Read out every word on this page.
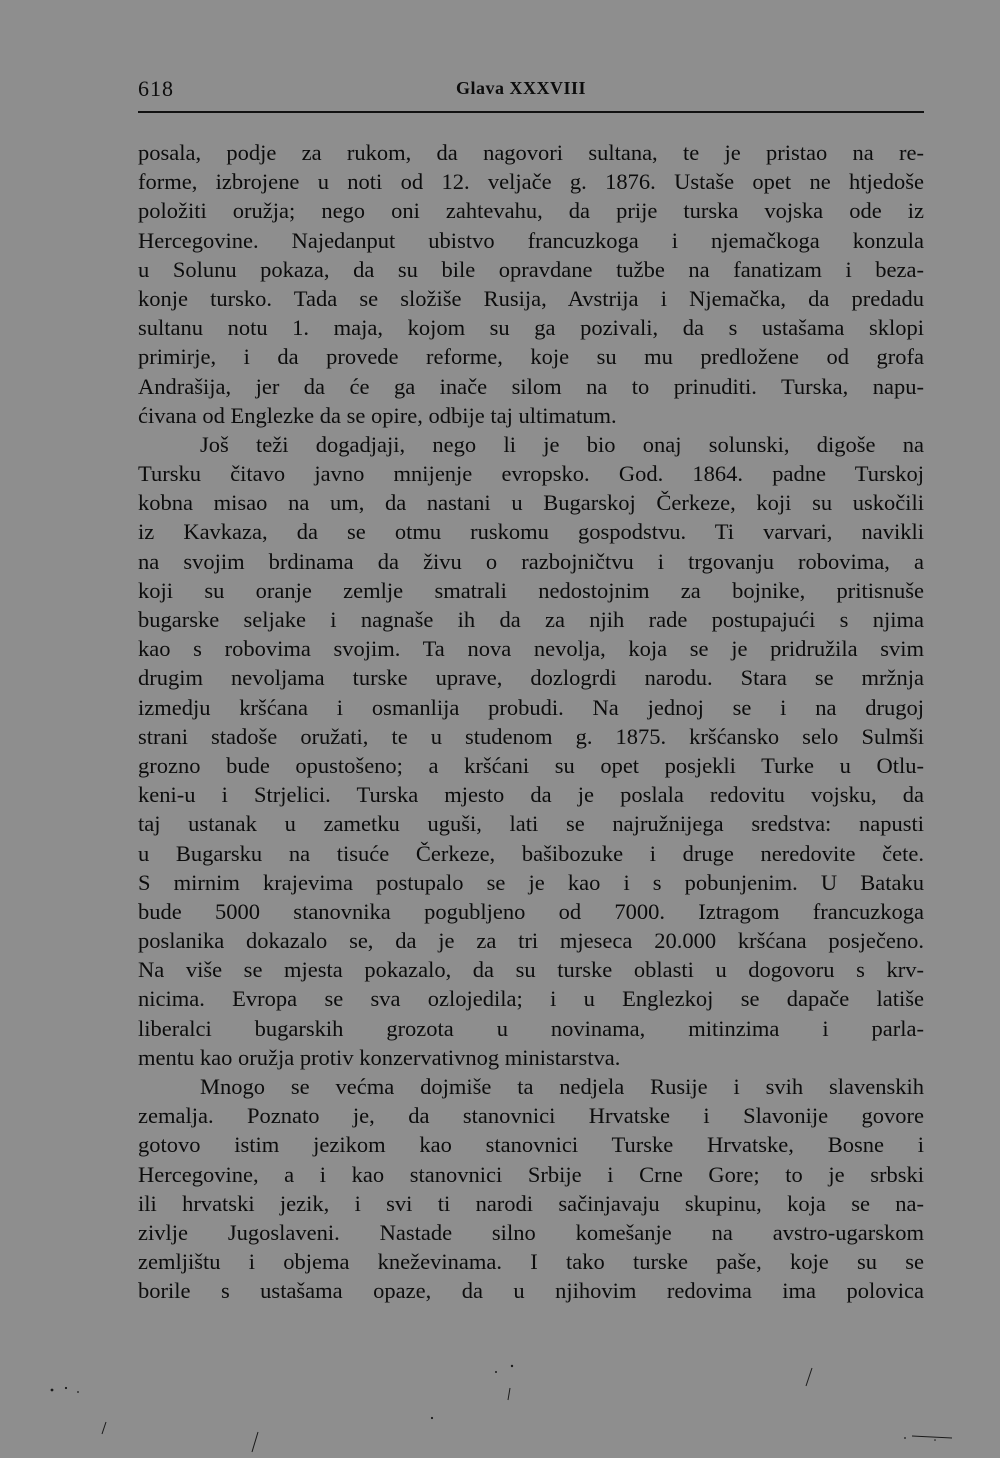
618	Glava XXXVIII
posala, podje za rukom, da nagovori sultana, te je pristao na re-
forme, izbrojene u noti od 12. veljače g. 1876. Ustaše opet ne htjedoše
položiti oružja; nego oni zahtevahu, da prije turska vojska ode iz
Hercegovine. Najedanput ubistvo francuzkoga i njemačkoga konzula
u Solunu pokaza, da su bile opravdane tužbe na fanatizam i beza-
konje tursko. Tada se složiše Rusija, Avstrija i Njemačka, da predadu
sultanu notu 1. maja, kojom su ga pozivali, da s ustašama sklopi
primirje, i da provede reforme, koje su mu predložene od grofa
Andrašija, jer da će ga inače silom na to prinuditi. Turska, napu-
ćivana od Englezke da se opire, odbije taj ultimatum.
Još teži dogadjaji, nego li je bio onaj solunski, digoše na
Tursku čitavo javno mnijenje evropsko. God. 1864. padne Turskoj
kobna misao na um, da nastani u Bugarskoj Čerkeze, koji su uskočili
iz Kavkaza, da se otmu ruskomu gospodstvu. Ti varvari, navikli
na svojim brdinama da živu o razbojničtvu i trgovanju robovima, a
koji su oranje zemlje smatrali nedostojnim za bojnike, pritisnuše
bugarske seljake i nagnaše ih da za njih rade postupajući s njima
kao s robovima svojim. Ta nova nevolja, koja se je pridružila svim
drugim nevoljama turske uprave, dozlogrdi narodu. Stara se mržnja
izmedju kršćana i osmanlija probudi. Na jednoj se i na drugoj
strani stadoše oružati, te u studenom g. 1875. kršćansko selo Sulmši
grozno bude opustošeno; a kršćani su opet posjekli Turke u Otlu-
keni-u i Strjelici. Turska mjesto da je poslala redovitu vojsku, da
taj ustanak u zametku uguši, lati se najružnijega sredstva: napusti
u Bugarsku na tisuće Čerkeze, bašibozuke i druge neredovite čete.
S mirnim krajevima postupalo se je kao i s pobunjenim. U Bataku
bude 5000 stanovnika pogubljeno od 7000. Iztragom francuzkoga
poslanika dokazalo se, da je za tri mjeseca 20.000 kršćana posječeno.
Na više se mjesta pokazalo, da su turske oblasti u dogovoru s krv-
nicima. Evropa se sva ozlojedila; i u Englezkoj se dapače latiše
liberalci bugarskih grozota u novinama, mitinzima i parla-
mentu kao oružja protiv konzervativnog ministarstva.
Mnogo se većma dojmiše ta nedjela Rusije i svih slavenskih
zemalja. Poznato je, da stanovnici Hrvatske i Slavonije govore
gotovo istim jezikom kao stanovnici Turske Hrvatske, Bosne i
Hercegovine, a i kao stanovnici Srbije i Crne Gore; to je srbski
ili hrvatski jezik, i svi ti narodi sačinjavaju skupinu, koja se na-
zivlje Jugoslaveni. Nastade silno komešanje na avstro-ugarskom
zemljištu i objema kneževinama. I tako turske paše, koje su se
borile s ustašama opaze, da u njihovim redovima ima polovica
